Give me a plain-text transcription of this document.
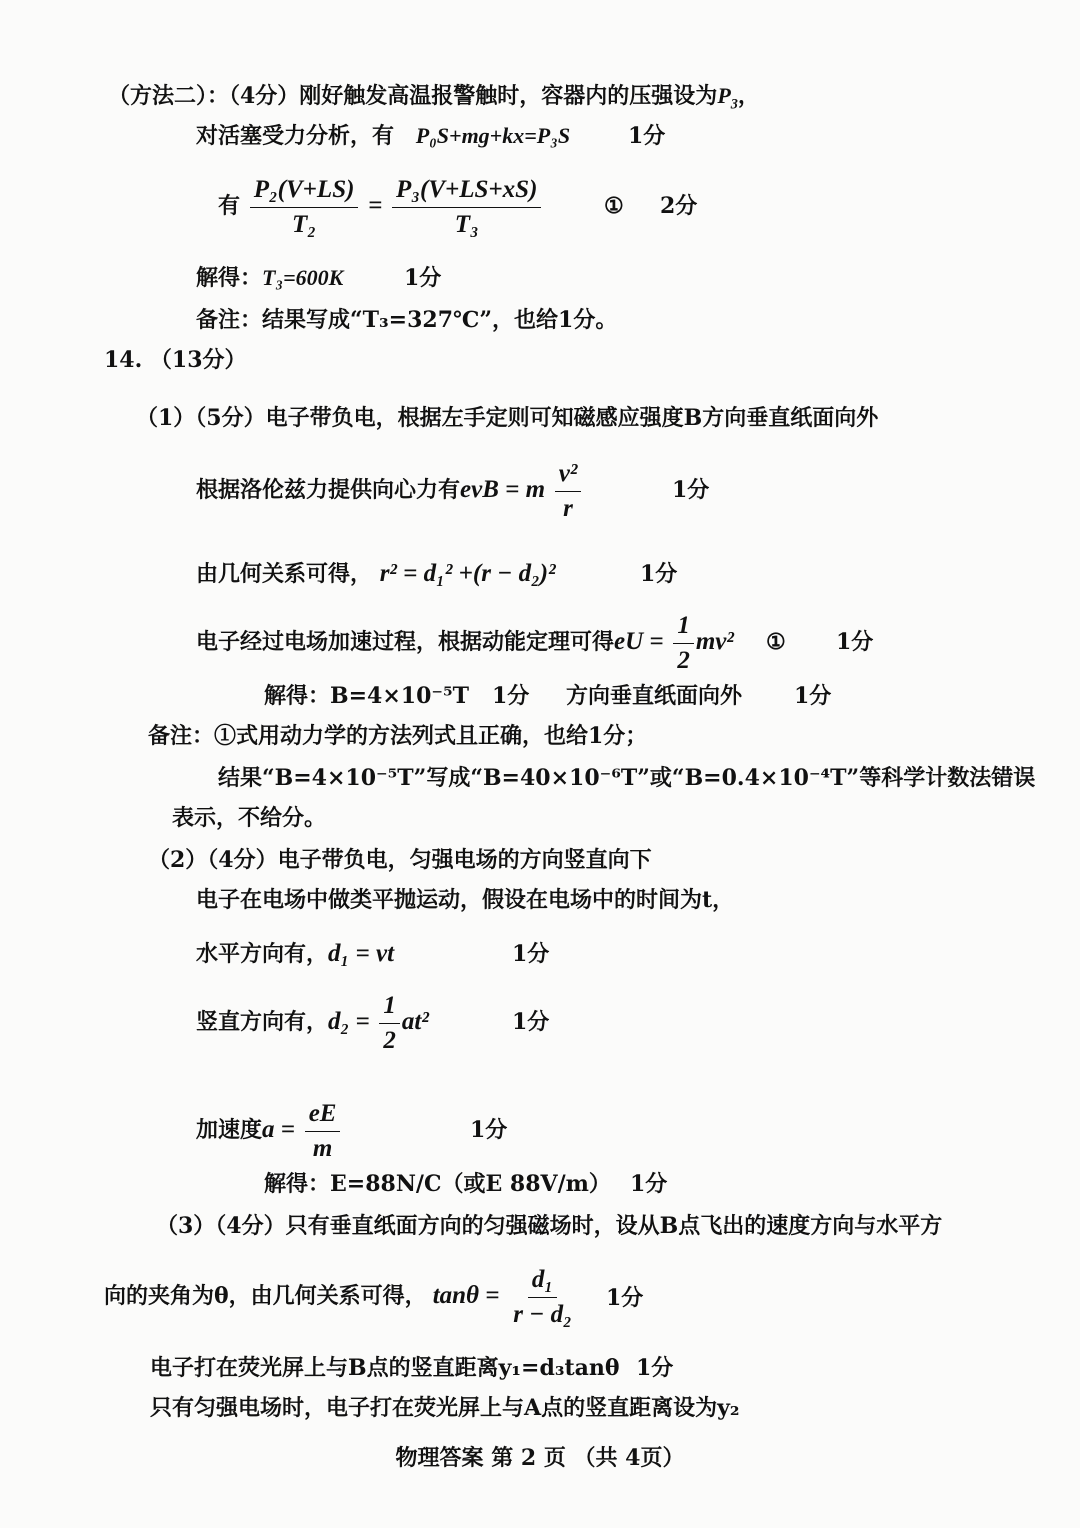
（方法二）：（4分）刚好触发高温报警触时，容器内的压强设为$P_3$，
对活塞受力分析，有 P₀S+mg+kx=P₃S	1分
有 $\frac{\text{P₂(V+LS)}}{\text{T₂}} = \frac{\text{P₃(V+LS+xS)}}{\text{T₃}}$	① 2分
解得：T₃=600K	1分
备注：结果写成“T₃=327℃”，也给1分。
14. （13分）
（1）（5分）电子带负电，根据左手定则可知磁感应强度B方向垂直纸面向外
根据洛伦兹力提供向心力有evB = m $\frac{\text{v²}}{r}$	1分
由几何关系可得， r² = d₁² +(r − d₂)²	1分
电子经过电场加速过程，根据动能定理可得eU = $\frac{1}{2} mv^2$ ① 1分
解得：B=4×10⁻⁵T 1分 方向垂直纸面向外 1分
备注：①式用动力学的方法列式且正确，也给1分；
结果“B=4×10⁻⁵T”写成“B=40×10⁻⁶T”或“B=0.4×10⁻⁴T”等科学计数法错误
表示，不给分。
（2）（4分）电子带负电，匀强电场的方向竖直向下
电子在电场中做类平抛运动，假设在电场中的时间为t，
水平方向有，d₁ = vt	1分
竖直方向有，$d_2 = \frac{1}{2} at^2$	1分
加速度$a = \frac{eE}{m}$	1分
解得：E=88N/C（或E 88V/m） 1分
（3）（4分）只有垂直纸面方向的匀强磁场时，设从B点飞出的速度方向与水平方
向的夹角为θ，由几何关系可得， $\tan\theta = \frac{\text{d₁}}{\text{r − d₂}} 1$分
电子打在荧光屏上与B点的竖直距离y₁=d₃tanθ 1分
只有匀强电场时，电子打在荧光屏上与A点的竖直距离设为y₂
物理答案 第 2 页 （共 4页）
